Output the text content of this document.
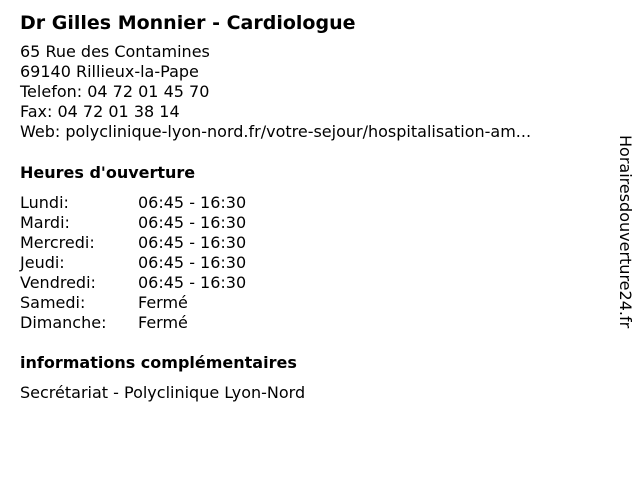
Dr Gilles Monnier - Cardiologue
65 Rue des Contamines
69140 Rillieux-la-Pape
Telefon: 04 72 01 45 70
Fax: 04 72 01 38 14
Web: polyclinique-lyon-nord.fr/votre-sejour/hospitalisation-am...
Heures d'ouverture
Lundi:	06:45 - 16:30
Mardi:	06:45 - 16:30
Mercredi:	06:45 - 16:30
Jeudi:	06:45 - 16:30
Vendredi:	06:45 - 16:30
Samedi:	Fermé
Dimanche: Fermé
informations complémentaires
Secrétariat - Polyclinique Lyon-Nord
Horairesdouverture24.fr
